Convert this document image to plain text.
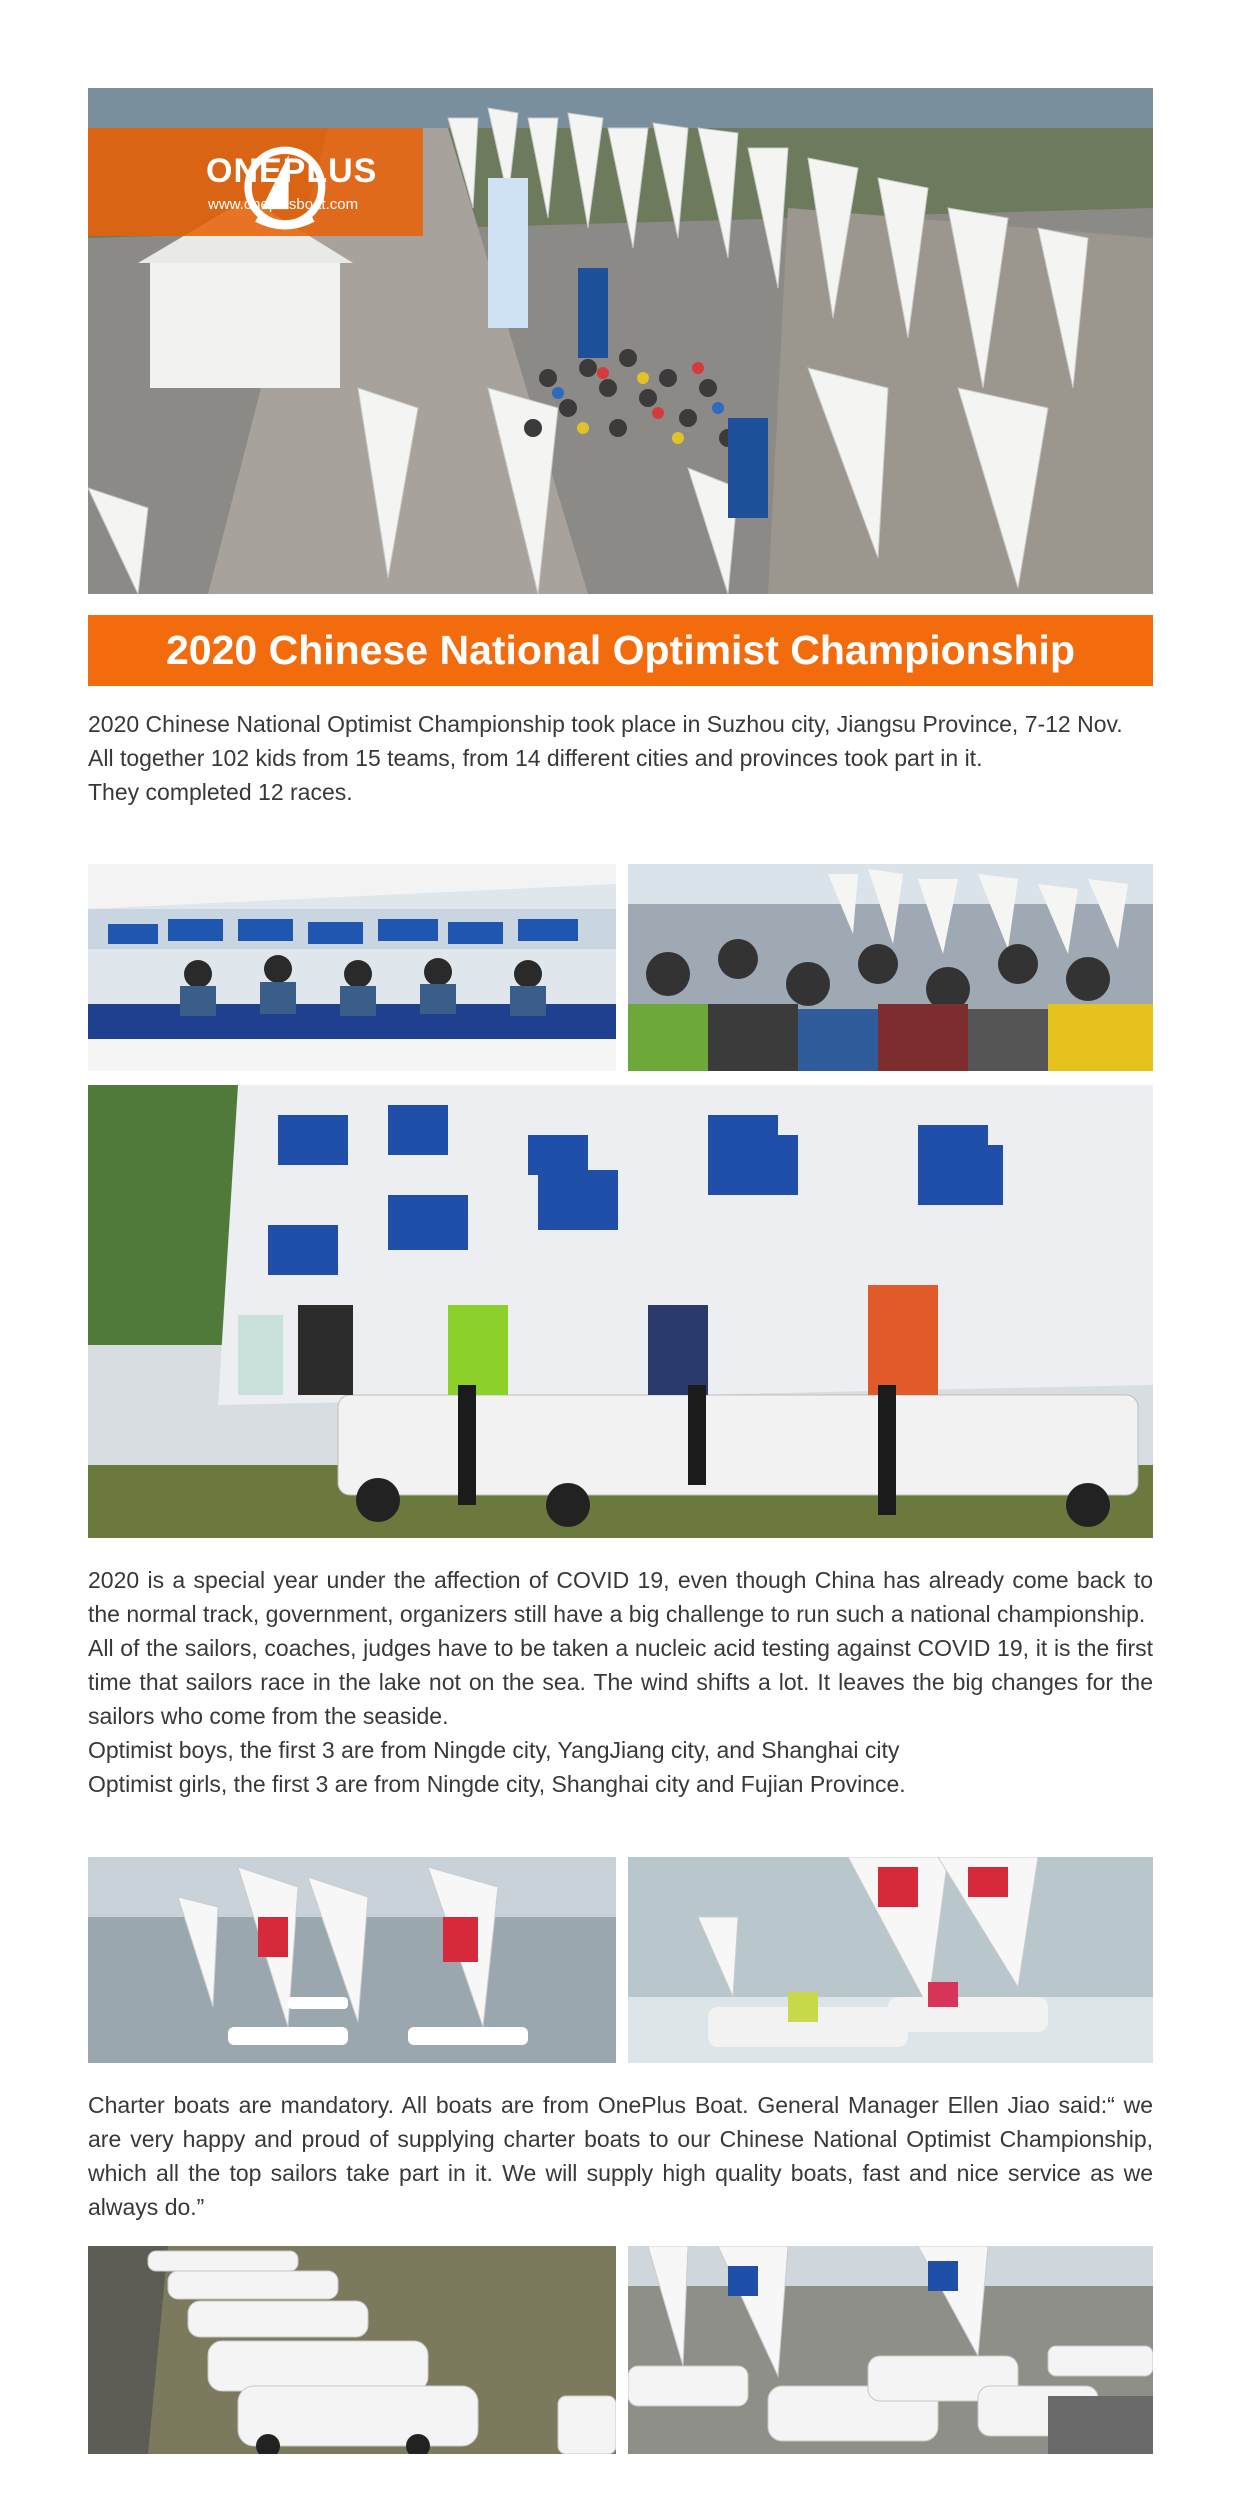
ONEPLUS
www.oneplusboat.com
2020 Chinese National Optimist Championship

2020 Chinese National Optimist Championship took place in Suzhou city, Jiangsu Province, 7-12 Nov.

All together 102 kids from 15 teams, from 14 different cities and provinces took part in it.

They completed 12 races.

2020 is a special year under the affection of COVID 19, even though China has already come back to the normal track, government, organizers still have a big challenge to run such a national championship.

All of the sailors, coaches, judges have to be taken a nucleic acid testing against COVID 19, it is the first time that sailors race in the lake not on the sea. The wind shifts a lot. It leaves the big changes for the sailors who come from the seaside.

Optimist boys, the first 3 are from Ningde city, YangJiang city, and Shanghai city

Optimist girls, the first 3 are from Ningde city, Shanghai city and Fujian Province.

Charter boats are mandatory. All boats are from OnePlus Boat. General Manager Ellen Jiao said:“ we are very happy and proud of supplying charter boats to our Chinese National Optimist Championship, which all the top sailors take part in it. We will supply high quality boats, fast and nice service as we always do.”
